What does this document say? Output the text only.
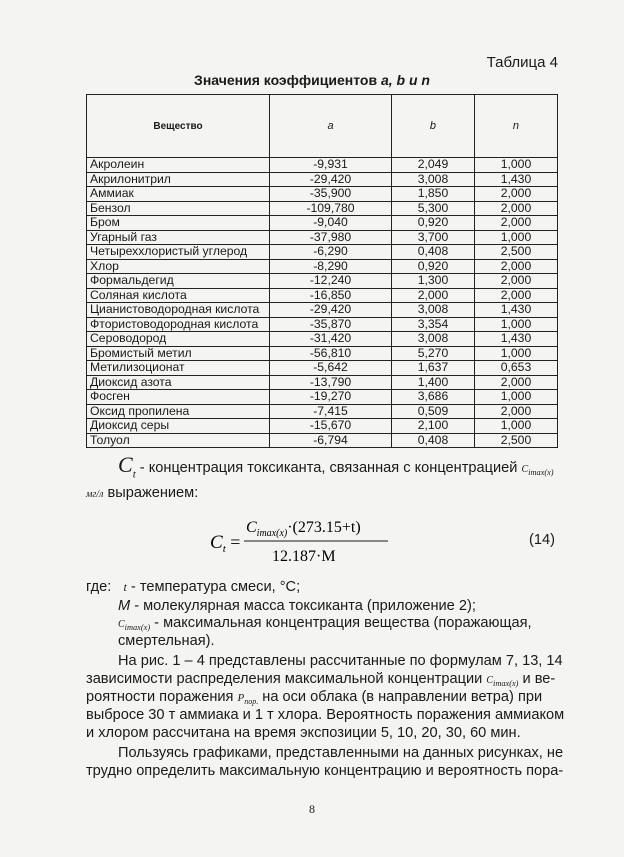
Таблица 4
Значения коэффициентов a, b и n
Вещество	a	b	n
Акролеин	-9,931	2,049	1,000
Акрилонитрил	-29,420	3,008	1,430
Аммиак	-35,900	1,850	2,000
Бензол	-109,780	5,300	2,000
Бром	-9,040	0,920	2,000
Угарный газ	-37,980	3,700	1,000
Четыреххлористый углерод	-6,290	0,408	2,500
Хлор	-8,290	0,920	2,000
Формальдегид	-12,240	1,300	2,000
Соляная кислота	-16,850	2,000	2,000
Цианистоводородная кислота	-29,420	3,008	1,430
Фтористоводородная кислота	-35,870	3,354	1,000
Сероводород	-31,420	3,008	1,430
Бромистый метил	-56,810	5,270	1,000
Метилизоционат	-5,642	1,637	0,653
Диоксид азота	-13,790	1,400	2,000
Фосген	-19,270	3,686	1,000
Оксид пропилена	-7,415	0,509	2,000
Диоксид серы	-15,670	2,100	1,000
Толуол	-6,794	0,408	2,500
$C_t$ - концентрация токсиканта, связанная с концентрацией $C_{imax(x)}$
мг/л выражением:
$C_t$ =
$C_{imax(x)}\cdot(273.15+t)$
12.187·M
(14)
где: t - температура смеси, °C;
M - молекулярная масса токсиканта (приложение 2);
$C_{imax(x)}$ - максимальная концентрация вещества (поражающая,
смертельная).
На рис. 1 – 4 представлены рассчитанные по формулам 7, 13, 14
зависимости распределения максимальной концентрации $C_{imax(x)}$ и ве-
роятности поражения $P_{пор.}$ на оси облака (в направлении ветра) при
выбросе 30 т аммиака и 1 т хлора. Вероятность поражения аммиаком
и хлором рассчитана на время экспозиции 5, 10, 20, 30, 60 мин.
Пользуясь графиками, представленными на данных рисунках, не
трудно определить максимальную концентрацию и вероятность пора-
8
